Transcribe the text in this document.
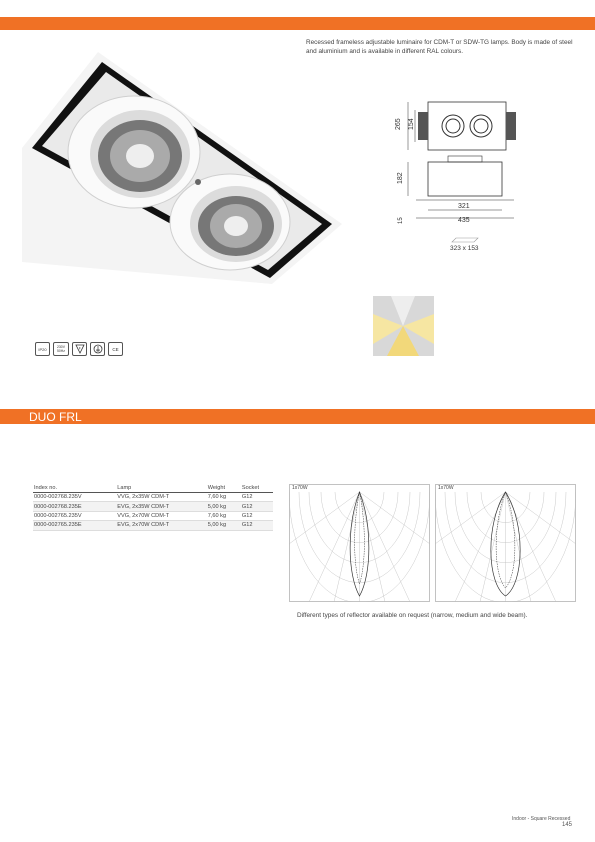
Recessed frameless adjustable luminaire for CDM-T or SDW-TG lamps. Body is made of steel and aluminium and is available in different RAL colours.
265 154
182
321
435
15
323 x 153
IP20	230V 50Hz
F	CE
DUO FRL
Index no.	Lamp	Weight	Socket
0000-002768.235V	VVG, 2x35W CDM-T	7,60 kg	G12
0000-002768.235E	EVG, 2x35W CDM-T	5,00 kg	G12
0000-002765.235V	VVG, 2x70W CDM-T	7,60 kg	G12
0000-002765.235E	EVG, 2x70W CDM-T	5,00 kg	G12
1x70W	1x70W
Different types of reflector available on request (narrow, medium and wide beam).
Indoor - Square Recessed
145
